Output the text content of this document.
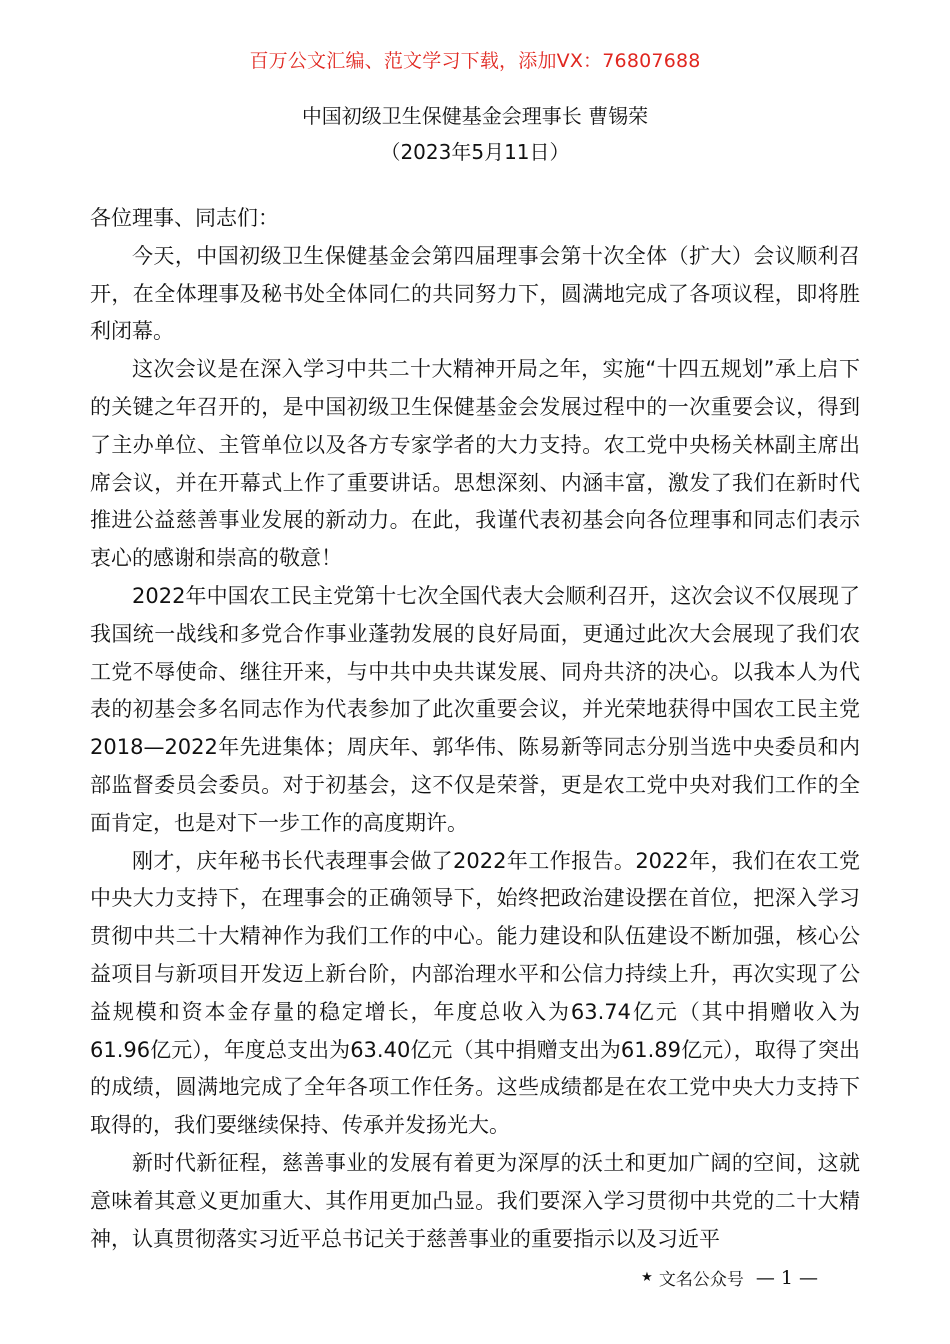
百万公文汇编、范文学习下载，添加VX：76807688
中国初级卫生保健基金会理事长 曹锡荣
（2023年5月11日）

各位理事、同志们：

今天，中国初级卫生保健基金会第四届理事会第十次全体（扩大）会议顺利召开，在全体理事及秘书处全体同仁的共同努力下，圆满地完成了各项议程，即将胜利闭幕。

这次会议是在深入学习中共二十大精神开局之年，实施“十四五规划”承上启下的关键之年召开的，是中国初级卫生保健基金会发展过程中的一次重要会议，得到了主办单位、主管单位以及各方专家学者的大力支持。农工党中央杨关林副主席出席会议，并在开幕式上作了重要讲话。思想深刻、内涵丰富，激发了我们在新时代推进公益慈善事业发展的新动力。在此，我谨代表初基会向各位理事和同志们表示衷心的感谢和崇高的敬意！

2022年中国农工民主党第十七次全国代表大会顺利召开，这次会议不仅展现了我国统一战线和多党合作事业蓬勃发展的良好局面，更通过此次大会展现了我们农工党不辱使命、继往开来，与中共中央共谋发展、同舟共济的决心。以我本人为代表的初基会多名同志作为代表参加了此次重要会议，并光荣地获得中国农工民主党2018—2022年先进集体；周庆年、郭华伟、陈易新等同志分别当选中央委员和内部监督委员会委员。对于初基会，这不仅是荣誉，更是农工党中央对我们工作的全面肯定，也是对下一步工作的高度期许。

刚才，庆年秘书长代表理事会做了2022年工作报告。2022年，我们在农工党中央大力支持下，在理事会的正确领导下，始终把政治建设摆在首位，把深入学习贯彻中共二十大精神作为我们工作的中心。能力建设和队伍建设不断加强，核心公益项目与新项目开发迈上新台阶，内部治理水平和公信力持续上升，再次实现了公益规模和资本金存量的稳定增长，年度总收入为63.74亿元（其中捐赠收入为61.96亿元），年度总支出为63.40亿元（其中捐赠支出为61.89亿元），取得了突出的成绩，圆满地完成了全年各项工作任务。这些成绩都是在农工党中央大力支持下取得的，我们要继续保持、传承并发扬光大。

新时代新征程，慈善事业的发展有着更为深厚的沃土和更加广阔的空间，这就意味着其意义更加重大、其作用更加凸显。我们要深入学习贯彻中共党的二十大精神，认真贯彻落实习近平总书记关于慈善事业的重要指示以及习近平

★ 文名公众号 — 1 —
